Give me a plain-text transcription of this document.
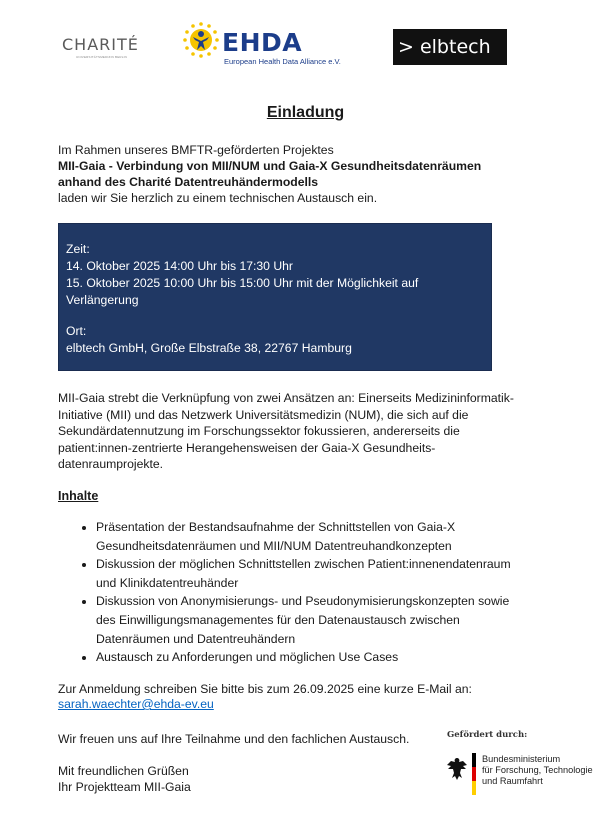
CHARITÉ
UNIVERSITÄTSMEDIZIN BERLIN	EHDA
European Health Data Alliance e.V.
> elbtech
Einladung
Im Rahmen unseres BMFTR-geförderten Projektes
MII-Gaia - Verbindung von MII/NUM und Gaia-X Gesundheitsdatenräumen
anhand des Charité Datentreuhändermodells
laden wir Sie herzlich zu einem technischen Austausch ein.
Zeit:
14. Oktober 2025 14:00 Uhr bis 17:30 Uhr
15. Oktober 2025 10:00 Uhr bis 15:00 Uhr mit der Möglichkeit auf
Verlängerung
Ort:
elbtech GmbH, Große Elbstraße 38, 22767 Hamburg
MII-Gaia strebt die Verknüpfung von zwei Ansätzen an: Einerseits Medizininformatik-
Initiative (MII) und das Netzwerk Universitätsmedizin (NUM), die sich auf die
Sekundärdatennutzung im Forschungssektor fokussieren, andererseits die
patient:innen-zentrierte Herangehensweisen der Gaia-X Gesundheits-
datenraumprojekte.
Inhalte
• Präsentation der Bestandsaufnahme der Schnittstellen von Gaia-X
Gesundheitsdatenräumen und MII/NUM Datentreuhandkonzepten
• Diskussion der möglichen Schnittstellen zwischen Patient:innenendatenraum
und Klinikdatentreuhänder
• Diskussion von Anonymisierungs- und Pseudonymisierungskonzepten sowie
des Einwilligungsmanagementes für den Datenaustausch zwischen
Datenräumen und Datentreuhändern
• Austausch zu Anforderungen und möglichen Use Cases
Zur Anmeldung schreiben Sie bitte bis zum 26.09.2025 eine kurze E-Mail an:
sarah.waechter@ehda-ev.eu
Wir freuen uns auf Ihre Teilnahme und den fachlichen Austausch.
Mit freundlichen Grüßen
Ihr Projektteam MII-Gaia
Gefördert durch:
Bundesministerium
für Forschung, Technologie
und Raumfahrt
